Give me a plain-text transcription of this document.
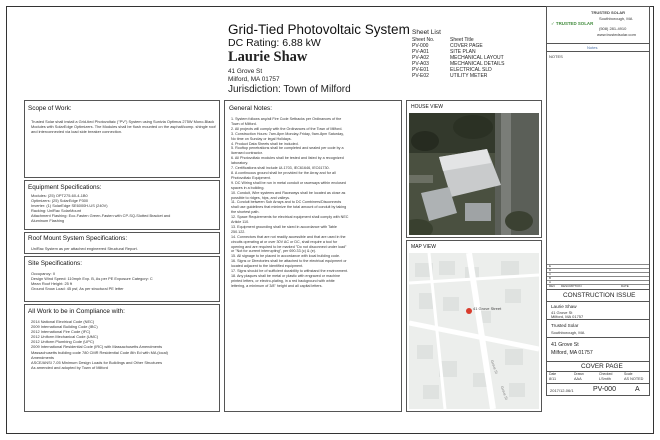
Grid-Tied Photovoltaic System
DC Rating: 6.88 kW
Laurie Shaw
41 Grove St
Milford, MA 01757
Jurisdiction: Town of Milford
Sheet List
Sheet No.	Sheet Title
PV-000	COVER PAGE
PV-A01	SITE PLAN
PV-A02	MECHANICAL LAYOUT
PV-A03	MECHANICAL DETAILS
PV-E01	ELECTRICAL SLD
PV-E02	UTILITY METER
Scope of Work:
Trusted Solar shall install a Grid-tied Photovoltaic ("PV") System using Sunivia Optimus 275W Mono-Black Modules with SolarEdge Optimizers. The Modules shall be flush mounted on the asphalt/comp. shingle roof and interconnected via load side breaker connection.
Equipment Specifications:
Modules: (25) OPT275-60-4-1B0
Optimizers: (25) SolarEdge P300
Inverter: (1) SolarEdge SE6000H-US (240V)
Racking: UniRac SolarMount
Attachment Flashing: Eco-Fasten Green-Fasten with CP-SQ-Slotted Bracket and
Aluminum Flashing
Roof Mount System Specifications:
UniRac System as per attached engineered Structural Report.
Site Specifications:
Occupancy: II
Design Wind Speed: 110mph Exp. B, As per PE Exposure Category: C
Mean Roof Height: 25 ft
Ground Snow Load: 45 psf, As per structural PE letter
All Work to be in Compliance with:
2014 National Electrical Code (NEC)
2009 International Building Code (IBC)
2012 International Fire Code (IFC)
2012 Uniform Mechanical Code (UMC)
2012 Uniform Plumbing Code (UPC)
2009 International Residential Code (IRC) with Massachusetts Amendments
Massachusetts building code 780 CMR Residential Code 8th Ed with MA (local)
Amendments
ASCE/ANSI 7-05 Minimum Design Loads for Buildings and Other Structures
As amended and adopted by Town of Milford
General Notes:
1. System follows any/all Fire Code Setbacks per Ordinances of the
Town of Milford.
2. All projects will comply with the Ordinances of the Town of Milford.
3. Construction Hours: 7am-8pm Monday-Friday, 9am-8pm Saturday,
No time on Sunday or legal Holidays.
4. Product Data Sheets shall be included.
5. Rooftop penetrations shall be completed and sealed per code by a
licensed contractor.
6. All Photovoltaic modules shall be tested and listed by a recognized
laboratory.
7. Certifications shall include UL1703, IEC61646, IEC61730.
8. A continuous ground shall be provided for the Array and for all
Photovoltaic Equipment.
9. DC Wiring shall be run in metal conduit or raceways within enclosed
spaces in a building.
10. Conduit, Wire systems and Raceways shall be located as close as
possible to ridges, hips, and valleys.
11. Conduit between Sub Arrays and to DC Combiners/Disconnects
shall use guidelines that minimize the total amount of conduit by taking
the shortest path.
12. Space Requirements for electrical equipment shall comply with NEC
Article 110.
13. Equipment grounding shall be sized in accordance with Table
250.122.
14. Connectors that are not readily accessible and that are used in the
circuits operating at or over 30V AC or DC, shall require a tool for
opening and are required to be marked "Do not disconnect under load"
or "Not for current interrupting", per 690.33 (c) & (e).
15. All signage to be placed in accordance with local building code.
16. Signs or Directories shall be attached to the electrical equipment or
located adjacent to the identified equipment.
17. Signs should be of sufficient durability to withstand the environment.
18. Any plaques shall be metal or plastic with engraved or machine
printed letters, or electro-plating, in a red background with white
lettering, a minimum of 3/8" height and all capital letters.
HOUSE VIEW
MAP VIEW
41 Grove Street
Grove St
Grove St
TRUSTED SOLAR
Southborough, MA
✓ TRUSTED SOLAR
(508) 281-4910
www.trustedsolar.com
Notes
NOTES
E
D
C
B
A
REV DESCRIPTION	DATE
CONSTRUCTION ISSUE
Laurie Shaw
41 Grove St
Milford, MA 01757
Trusted Solar
Southborough, MA
41 Grove St
Milford, MA 01757
COVER PAGE
Date
8/11
Drawn
AAA
Checked
LSmith
Scale
AS NOTED
2017/12-06/1	PV-000	A
